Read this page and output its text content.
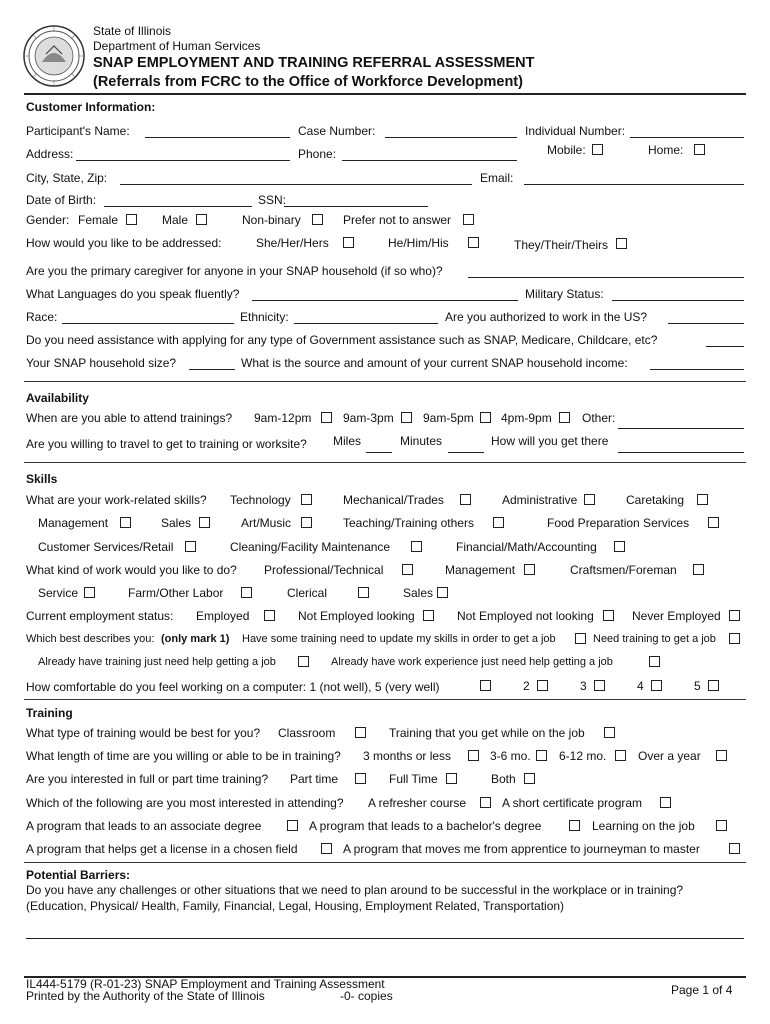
State of Illinois
Department of Human Services
SNAP EMPLOYMENT AND TRAINING REFERRAL ASSESSMENT
(Referrals from FCRC to the Office of Workforce Development)
Customer Information:
Participant's Name:	Case Number:	Individual Number:
Address:	Phone:	Mobile:	Home:
City, State, Zip:	Email:
Date of Birth:	SSN:
Gender: Female	Male	Non-binary	Prefer not to answer
How would you like to be addressed:	She/Her/Hers	He/Him/His	They/Their/Theirs
Are you the primary caregiver for anyone in your SNAP household (if so who)?
What Languages do you speak fluently?	Military Status:
Race:	Ethnicity:	Are you authorized to work in the US?
Do you need assistance with applying for any type of Government assistance such as SNAP, Medicare, Childcare, etc?
Your SNAP household size?	What is the source and amount of your current SNAP household income:
Availability
When are you able to attend trainings? 9am-12pm	9am-3pm 9am-5pm 4pm-9pm	Other:
Are you willing to travel to get to training or worksite? Miles	Minutes	How will you get there
Skills
What are your work-related skills? Technology	Mechanical/Trades	Administrative	Caretaking
Management	Sales	Art/Music	Teaching/Training others	Food Preparation Services
Customer Services/Retail	Cleaning/Facility Maintenance	Financial/Math/Accounting
What kind of work would you like to do? Professional/Technical	Management	Craftsmen/Foreman
Service	Farm/Other Labor	Clerical	Sales
Current employment status: Employed	Not Employed looking	Not Employed not looking	Never Employed
Which best describes you: (only mark 1) Have some training need to update my skills in order to get a job	Need training to get a job
Already have training just need help getting a job	Already have work experience just need help getting a job
How comfortable do you feel working on a computer: 1 (not well), 5 (very well)	2	3	4	5
Training
What type of training would be best for you? Classroom	Training that you get while on the job
What length of time are you willing or able to be in training? 3 months or less	3-6 mo. 6-12 mo.	Over a year
Are you interested in full or part time training? Part time	Full Time	Both
Which of the following are you most interested in attending? A refresher course	A short certificate program
A program that leads to an associate degree	A program that leads to a bachelor's degree	Learning on the job
A program that helps get a license in a chosen field	A program that moves me from apprentice to journeyman to master
Potential Barriers:
Do you have any challenges or other situations that we need to plan around to be successful in the workplace or in training?
(Education, Physical/ Health, Family, Financial, Legal, Housing, Employment Related, Transportation)
IL444-5179 (R-01-23) SNAP Employment and Training Assessment
Printed by the Authority of the State of Illinois	-0- copies	Page 1 of 4
